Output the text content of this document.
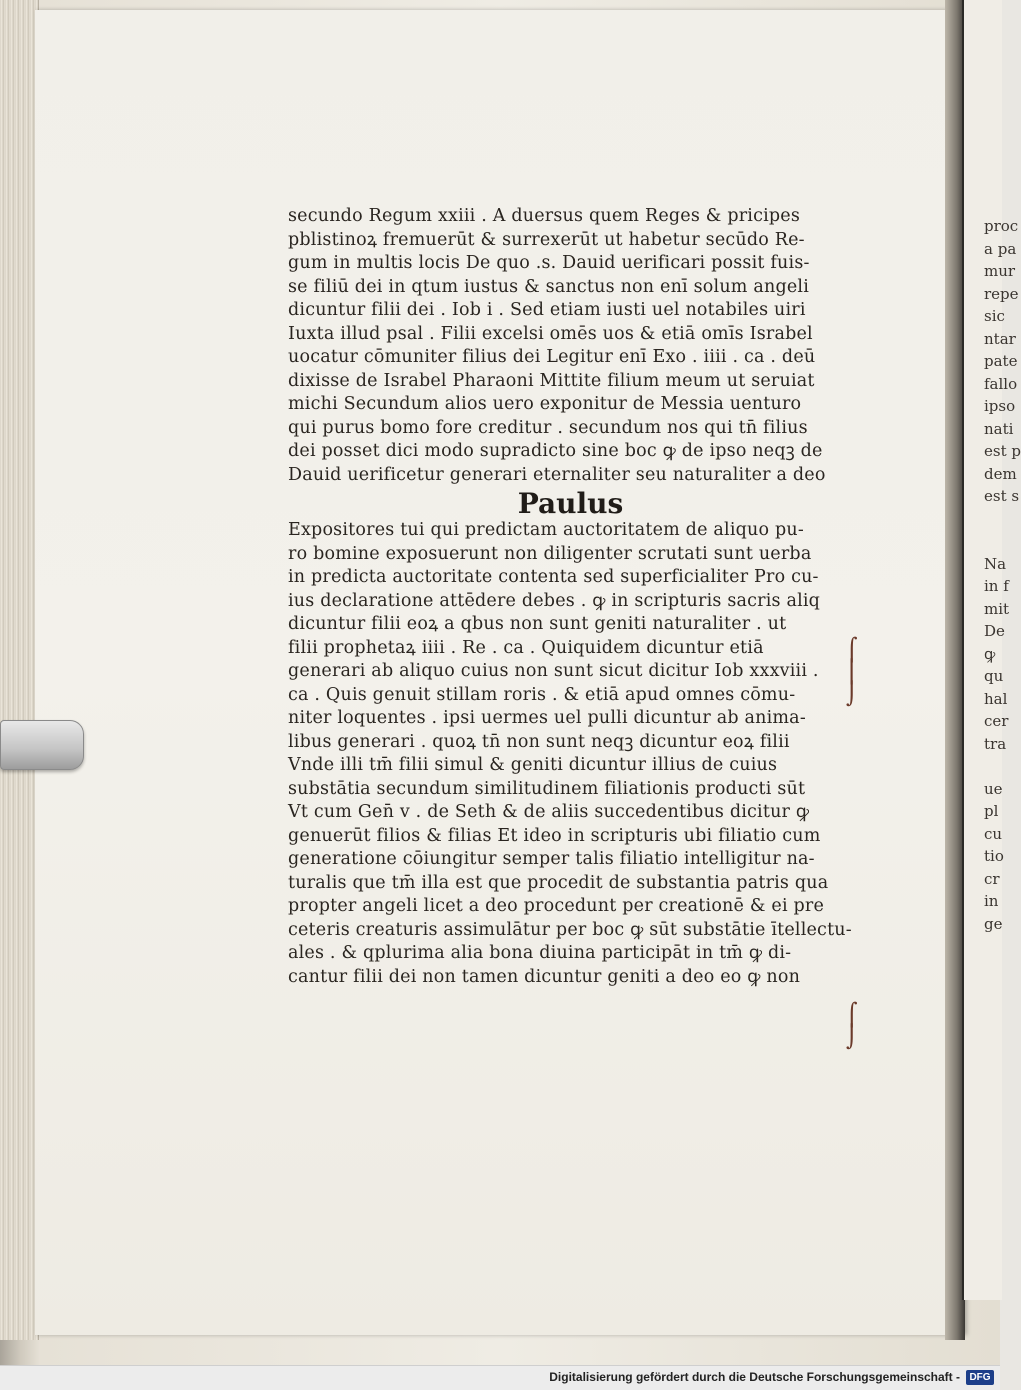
proc
a pa
mur
repe
sic
ntar
pate
fallo
ipso
nati
est p
dem
est s

Na
in f
mit
De
ꝙ
qu
hal
cer
tra

ue
pl
cu
tio
cr
in
ge
secundo Regum xxiii . A duersus quem Reges & pricipes
pblistinoꝝ fremuerūt & surrexerūt ut habetur secūdo Re-
gum in multis locis De quo .s. Dauid uerificari possit fuis-
se filiū dei in qtum iustus & sanctus non enī solum angeli
dicuntur filii dei . Iob i . Sed etiam iusti uel notabiles uiri
Iuxta illud psal . Filii excelsi omēs uos & etiā omīs Israbel
uocatur cōmuniter filius dei Legitur enī Exo . iiii . ca . deū
dixisse de Israbel Pharaoni Mittite filium meum ut seruiat
michi Secundum alios uero exponitur de Messia uenturo
qui purus bomo fore creditur . secundum nos qui tn̄ filius
dei posset dici modo supradicto sine boc ꝙ de ipso neqꝫ de
Dauid uerificetur generari eternaliter seu naturaliter a deo
Paulus
Expositores tui qui predictam auctoritatem de aliquo pu-
ro bomine exposuerunt non diligenter scrutati sunt uerba
in predicta auctoritate contenta sed superficialiter Pro cu-
ius declaratione attēdere debes . ꝙ in scripturis sacris aliq
dicuntur filii eoꝝ a qbus non sunt geniti naturaliter . ut
filii prophetaꝝ iiii . Re . ca . Quiquidem dicuntur etiā
generari ab aliquo cuius non sunt sicut dicitur Iob xxxviii .
ca . Quis genuit stillam roris . & etiā apud omnes cōmu-
niter loquentes . ipsi uermes uel pulli dicuntur ab anima-
libus generari . quoꝝ tn̄ non sunt neqꝫ dicuntur eoꝝ filii
Vnde illi tm̄ filii simul & geniti dicuntur illius de cuius
substātia secundum similitudinem filiationis producti sūt
Vt cum Gen̄ v . de Seth & de aliis succedentibus dicitur ꝙ
genuerūt filios & filias Et ideo in scripturis ubi filiatio cum
generatione cōiungitur semper talis filiatio intelligitur na-
turalis que tm̄ illa est que procedit de substantia patris qua
propter angeli licet a deo procedunt per creationē & ei pre
ceteris creaturis assimulātur per boc ꝙ sūt substātie ītellectu-
ales . & qplurima alia bona diuina participāt in tm̄ ꝙ di-
cantur filii dei non tamen dicuntur geniti a deo eo ꝙ non
⌠
⎮
⌡
⌠
⌡
Digitalisierung gefördert durch die Deutsche Forschungsgemeinschaft - DFG
